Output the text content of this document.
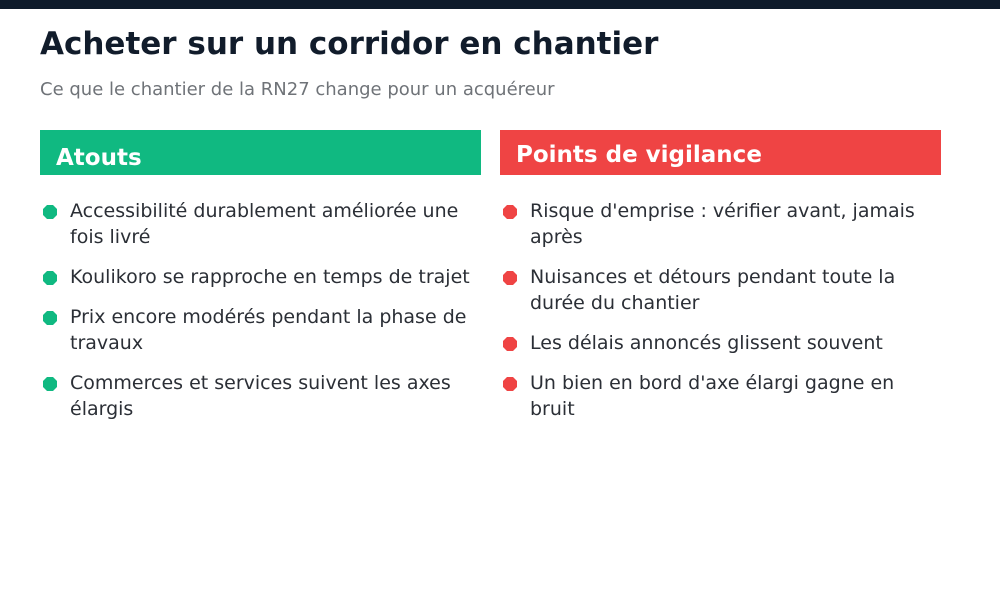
Acheter sur un corridor en chantier
Ce que le chantier de la RN27 change pour un acquéreur
Atouts
Accessibilité durablement améliorée une fois livré
Koulikoro se rapproche en temps de trajet
Prix encore modérés pendant la phase de travaux
Commerces et services suivent les axes élargis
Points de vigilance
Risque d'emprise : vérifier avant, jamais après
Nuisances et détours pendant toute la durée du chantier
Les délais annoncés glissent souvent
Un bien en bord d'axe élargi gagne en bruit
